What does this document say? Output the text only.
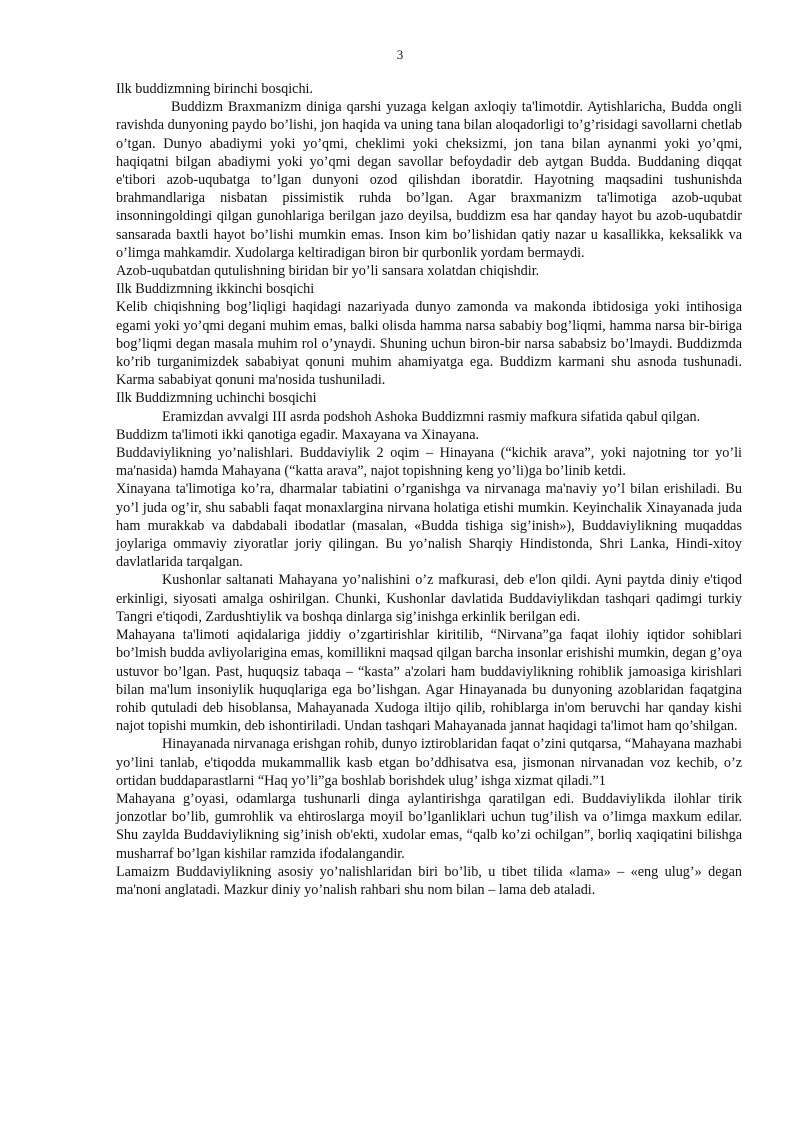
3

Ilk buddizmning birinchi bosqichi.

Buddizm Braxmanizm diniga qarshi yuzaga kelgan axloqiy ta'limotdir. Aytishlaricha, Budda ongli ravishda dunyoning paydo bo’lishi, jon haqida va uning tana bilan aloqadorligi to’g’risidagi savollarni chetlab o’tgan. Dunyo abadiymi yoki yo’qmi, cheklimi yoki cheksizmi, jon tana bilan aynanmi yoki yo’qmi, haqiqatni bilgan abadiymi yoki yo’qmi degan savollar befoydadir deb aytgan Budda. Buddaning diqqat e'tibori azob-uqubatga to’lgan dunyoni ozod qilishdan iboratdir. Hayotning maqsadini tushunishda brahmandlariga nisbatan pissimistik ruhda bo’lgan. Agar braxmanizm ta'limotiga azob-uqubat insonningoldingi qilgan gunohlariga berilgan jazo deyilsa, buddizm esa har qanday hayot bu azob-uqubatdir sansarada baxtli hayot bo’lishi mumkin emas. Inson kim bo’lishidan qatiy nazar u kasallikka, keksalikk va o’limga mahkamdir. Xudolarga keltiradigan biron bir qurbonlik yordam bermaydi.

Azob-uqubatdan qutulishning biridan bir yo’li sansara xolatdan chiqishdir.

Ilk Buddizmning ikkinchi bosqichi

Kelib chiqishning bog’liqligi haqidagi nazariyada dunyo zamonda va makonda ibtidosiga yoki intihosiga egami yoki yo’qmi degani muhim emas, balki olisda hamma narsa sababiy bog’liqmi, hamma narsa bir-biriga bog’liqmi degan masala muhim rol o’ynaydi. Shuning uchun biron-bir narsa sababsiz bo’lmaydi. Buddizmda ko’rib turganimizdek sababiyat qonuni muhim ahamiyatga ega. Buddizm karmani shu asnoda tushunadi. Karma sababiyat qonuni ma'nosida tushuniladi.

Ilk Buddizmning uchinchi bosqichi

Eramizdan avvalgi III asrda podshoh Ashoka Buddizmni rasmiy mafkura sifatida qabul qilgan.

Buddizm ta'limoti ikki qanotiga egadir. Maxayana va Xinayana.

Buddaviylikning yo’nalishlari. Buddaviylik 2 oqim – Hinayana (“kichik arava”, yoki najotning tor yo’li ma'nasida) hamda Mahayana (“katta arava”, najot topishning keng yo’li)ga bo’linib ketdi.

Xinayana ta'limotiga ko’ra, dharmalar tabiatini o’rganishga va nirvanaga ma'naviy yo’l bilan erishiladi. Bu yo’l juda og’ir, shu sababli faqat monaxlargina nirvana holatiga etishi mumkin. Keyinchalik Xinayanada juda ham murakkab va dabdabali ibodatlar (masalan, «Budda tishiga sig’inish»), Buddaviylikning muqaddas joylariga ommaviy ziyoratlar joriy qilingan. Bu yo’nalish Sharqiy Hindistonda, Shri Lanka, Hindi-xitoy davlatlarida tarqalgan.

Kushonlar saltanati Mahayana yo’nalishini o’z mafkurasi, deb e'lon qildi. Ayni paytda diniy e'tiqod erkinligi, siyosati amalga oshirilgan. Chunki, Kushonlar davlatida Buddaviylikdan tashqari qadimgi turkiy Tangri e'tiqodi, Zardushtiylik va boshqa dinlarga sig’inishga erkinlik berilgan edi.

Mahayana ta'limoti aqidalariga jiddiy o’zgartirishlar kiritilib, “Nirvana”ga faqat ilohiy iqtidor sohiblari bo’lmish budda avliyolarigina emas, komillikni maqsad qilgan barcha insonlar erishishi mumkin, degan g’oya ustuvor bo’lgan. Past, huquqsiz tabaqa – “kasta” a'zolari ham buddaviylikning rohiblik jamoasiga kirishlari bilan ma'lum insoniylik huquqlariga ega bo’lishgan. Agar Hinayanada bu dunyoning azoblaridan faqatgina rohib qutuladi deb hisoblansa, Mahayanada Xudoga iltijo qilib, rohiblarga in'om beruvchi har qanday kishi najot topishi mumkin, deb ishontiriladi. Undan tashqari Mahayanada jannat haqidagi ta'limot ham qo’shilgan.

Hinayanada nirvanaga erishgan rohib, dunyo iztiroblaridan faqat o’zini qutqarsa, “Mahayana mazhabi yo’lini tanlab, e'tiqodda mukammallik kasb etgan bo’ddhisatva esa, jismonan nirvanadan voz kechib, o’z ortidan buddaparastlarni “Haq yo’li”ga boshlab borishdek ulug’ ishga xizmat qiladi.”1

Mahayana g’oyasi, odamlarga tushunarli dinga aylantirishga qaratilgan edi. Buddaviylikda ilohlar tirik jonzotlar bo’lib, gumrohlik va ehtiroslarga moyil bo’lganliklari uchun tug’ilish va o’limga maxkum edilar. Shu zaylda Buddaviylikning sig’inish ob'ekti, xudolar emas, “qalb ko’zi ochilgan”, borliq xaqiqatini bilishga musharraf bo’lgan kishilar ramzida ifodalangandir.

Lamaizm Buddaviylikning asosiy yo’nalishlaridan biri bo’lib, u tibet tilida «lama» – «eng ulug’» degan ma'noni anglatadi. Mazkur diniy yo’nalish rahbari shu nom bilan – lama deb ataladi.
